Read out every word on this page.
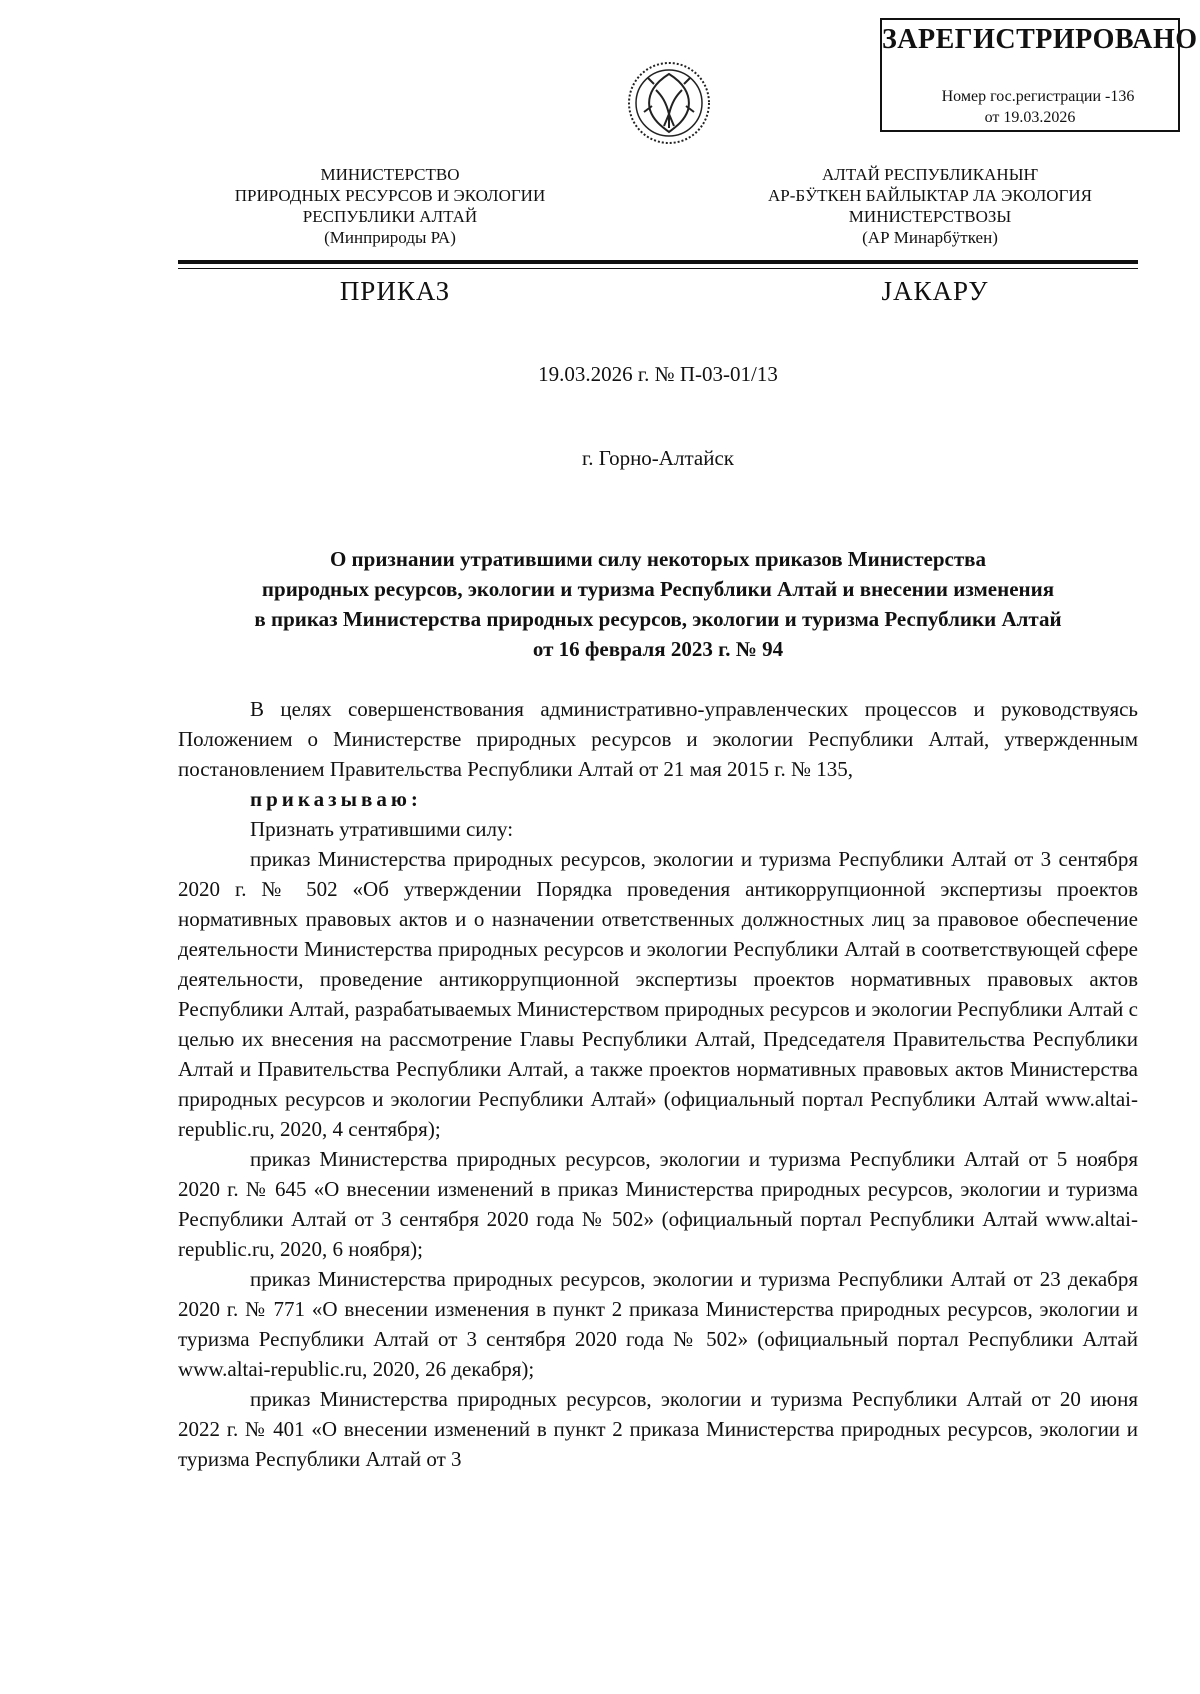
ЗАРЕГИСТРИРОВАНО
Номер гос.регистрации -136
от 19.03.2026
МИНИСТЕРСТВО
ПРИРОДНЫХ РЕСУРСОВ И ЭКОЛОГИИ
РЕСПУБЛИКИ АЛТАЙ
(Минприроды РА)
АЛТАЙ РЕСПУБЛИКАНЫҤ
АР-БӰТКЕН БАЙЛЫКТАР ЛА ЭКОЛОГИЯ
МИНИСТЕРСТВОЗЫ
(АР Минарбӱткен)
ПРИКАЗ	ЈАКАРУ
19.03.2026 г. № П-03-01/13
г. Горно-Алтайск
О признании утратившими силу некоторых приказов Министерства
природных ресурсов, экологии и туризма Республики Алтай и внесении изменения
в приказ Министерства природных ресурсов, экологии и туризма Республики Алтай
от 16 февраля 2023 г. № 94

В целях совершенствования административно-управленческих процессов и руководствуясь Положением о Министерстве природных ресурсов и экологии Республики Алтай, утвержденным постановлением Правительства Республики Алтай от 21 мая 2015 г. № 135,

приказываю:

Признать утратившими силу:

приказ Министерства природных ресурсов, экологии и туризма Республики Алтай от 3 сентября 2020 г. № 502 «Об утверждении Порядка проведения антикоррупционной экспертизы проектов нормативных правовых актов и о назначении ответственных должностных лиц за правовое обеспечение деятельности Министерства природных ресурсов и экологии Республики Алтай в соответствующей сфере деятельности, проведение антикоррупционной экспертизы проектов нормативных правовых актов Республики Алтай, разрабатываемых Министерством природных ресурсов и экологии Республики Алтай с целью их внесения на рассмотрение Главы Республики Алтай, Председателя Правительства Республики Алтай и Правительства Республики Алтай, а также проектов нормативных правовых актов Министерства природных ресурсов и экологии Республики Алтай» (официальный портал Республики Алтай www.altai-republic.ru, 2020, 4 сентября);

приказ Министерства природных ресурсов, экологии и туризма Республики Алтай от 5 ноября 2020 г. № 645 «О внесении изменений в приказ Министерства природных ресурсов, экологии и туризма Республики Алтай от 3 сентября 2020 года № 502» (официальный портал Республики Алтай www.altai-republic.ru, 2020, 6 ноября);

приказ Министерства природных ресурсов, экологии и туризма Республики Алтай от 23 декабря 2020 г. № 771 «О внесении изменения в пункт 2 приказа Министерства природных ресурсов, экологии и туризма Республики Алтай от 3 сентября 2020 года № 502» (официальный портал Республики Алтай www.altai-republic.ru, 2020, 26 декабря);

приказ Министерства природных ресурсов, экологии и туризма Республики Алтай от 20 июня 2022 г. № 401 «О внесении изменений в пункт 2 приказа Министерства природных ресурсов, экологии и туризма Республики Алтай от 3
